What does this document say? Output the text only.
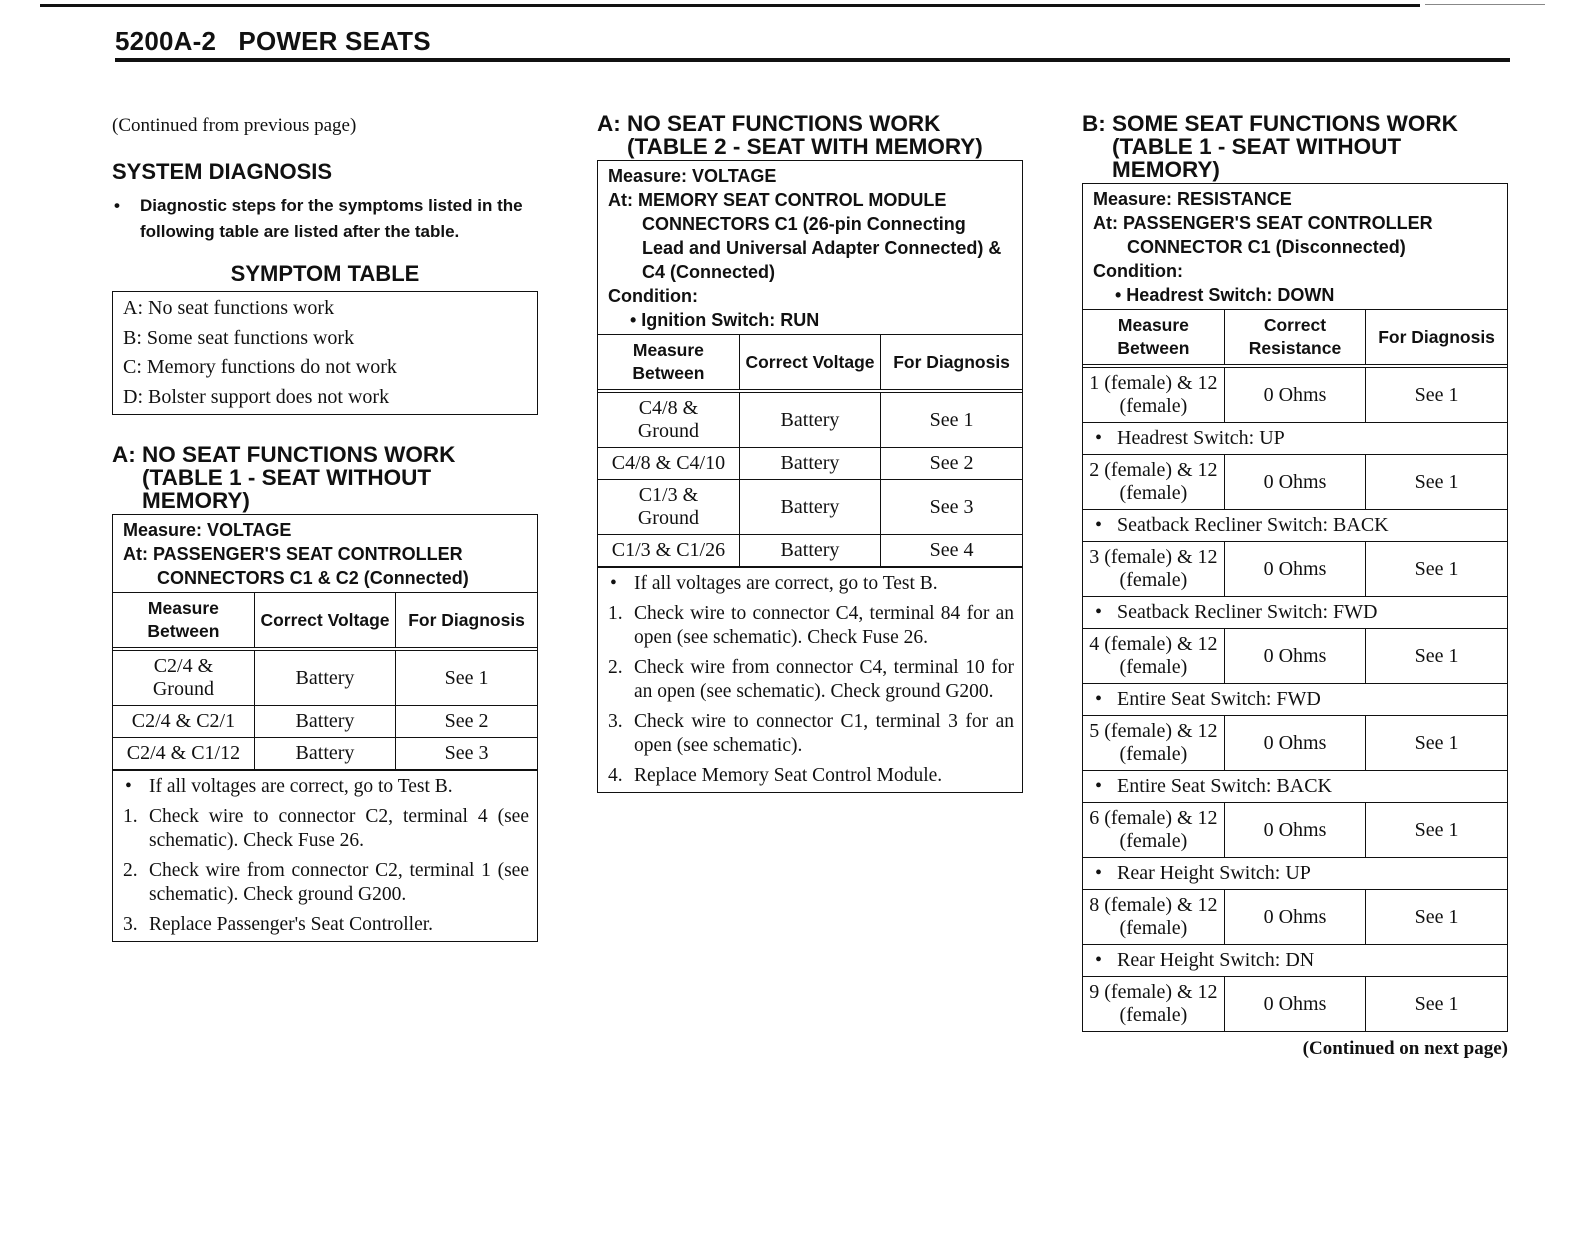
5200A-2   POWER SEATS
(Continued from previous page)
SYSTEM DIAGNOSIS
• Diagnostic steps for the symptoms listed in the following table are listed after the table.
SYMPTOM TABLE
A: No seat functions work
B: Some seat functions work
C: Memory functions do not work
D: Bolster support does not work
A: NO SEAT FUNCTIONS WORK
(TABLE 1 - SEAT WITHOUT
MEMORY)
Measure: VOLTAGE
At: PASSENGER'S SEAT CONTROLLER
CONNECTORS C1 & C2 (Connected)
Measure Between	Correct Voltage	For Diagnosis
C2/4 & Ground	Battery	See 1
C2/4 & C2/1	Battery	See 2
C2/4 & C1/12	Battery	See 3
• If all voltages are correct, go to Test B.
1. Check wire to connector C2, terminal 4 (see schematic). Check Fuse 26.
2. Check wire from connector C2, terminal 1 (see schematic). Check ground G200.
3. Replace Passenger's Seat Controller.
A: NO SEAT FUNCTIONS WORK
(TABLE 2 - SEAT WITH MEMORY)
Measure: VOLTAGE
At: MEMORY SEAT CONTROL MODULE
CONNECTORS C1 (26-pin Connecting
Lead and Universal Adapter Connected) &
C4 (Connected)
Condition:
• Ignition Switch: RUN
Measure Between	Correct Voltage	For Diagnosis
C4/8 & Ground	Battery	See 1
C4/8 & C4/10	Battery	See 2
C1/3 & Ground	Battery	See 3
C1/3 & C1/26	Battery	See 4
• If all voltages are correct, go to Test B.
1. Check wire to connector C4, terminal 84 for an open (see schematic). Check Fuse 26.
2. Check wire from connector C4, terminal 10 for an open (see schematic). Check ground G200.
3. Check wire to connector C1, terminal 3 for an open (see schematic).
4. Replace Memory Seat Control Module.
B: SOME SEAT FUNCTIONS WORK
(TABLE 1 - SEAT WITHOUT
MEMORY)
Measure: RESISTANCE
At: PASSENGER'S SEAT CONTROLLER
CONNECTOR C1 (Disconnected)
Condition:
• Headrest Switch: DOWN
Measure Between	Correct Resistance	For Diagnosis
1 (female) & 12 (female)	0 Ohms	See 1
•   Headrest Switch: UP		
2 (female) & 12 (female)	0 Ohms	See 1
•   Seatback Recliner Switch: BACK		
3 (female) & 12 (female)	0 Ohms	See 1
•   Seatback Recliner Switch: FWD		
4 (female) & 12 (female)	0 Ohms	See 1
•   Entire Seat Switch: FWD		
5 (female) & 12 (female)	0 Ohms	See 1
•   Entire Seat Switch: BACK		
6 (female) & 12 (female)	0 Ohms	See 1
•   Rear Height Switch: UP		
8 (female) & 12 (female)	0 Ohms	See 1
•   Rear Height Switch: DN		
9 (female) & 12 (female)	0 Ohms	See 1
(Continued on next page)
